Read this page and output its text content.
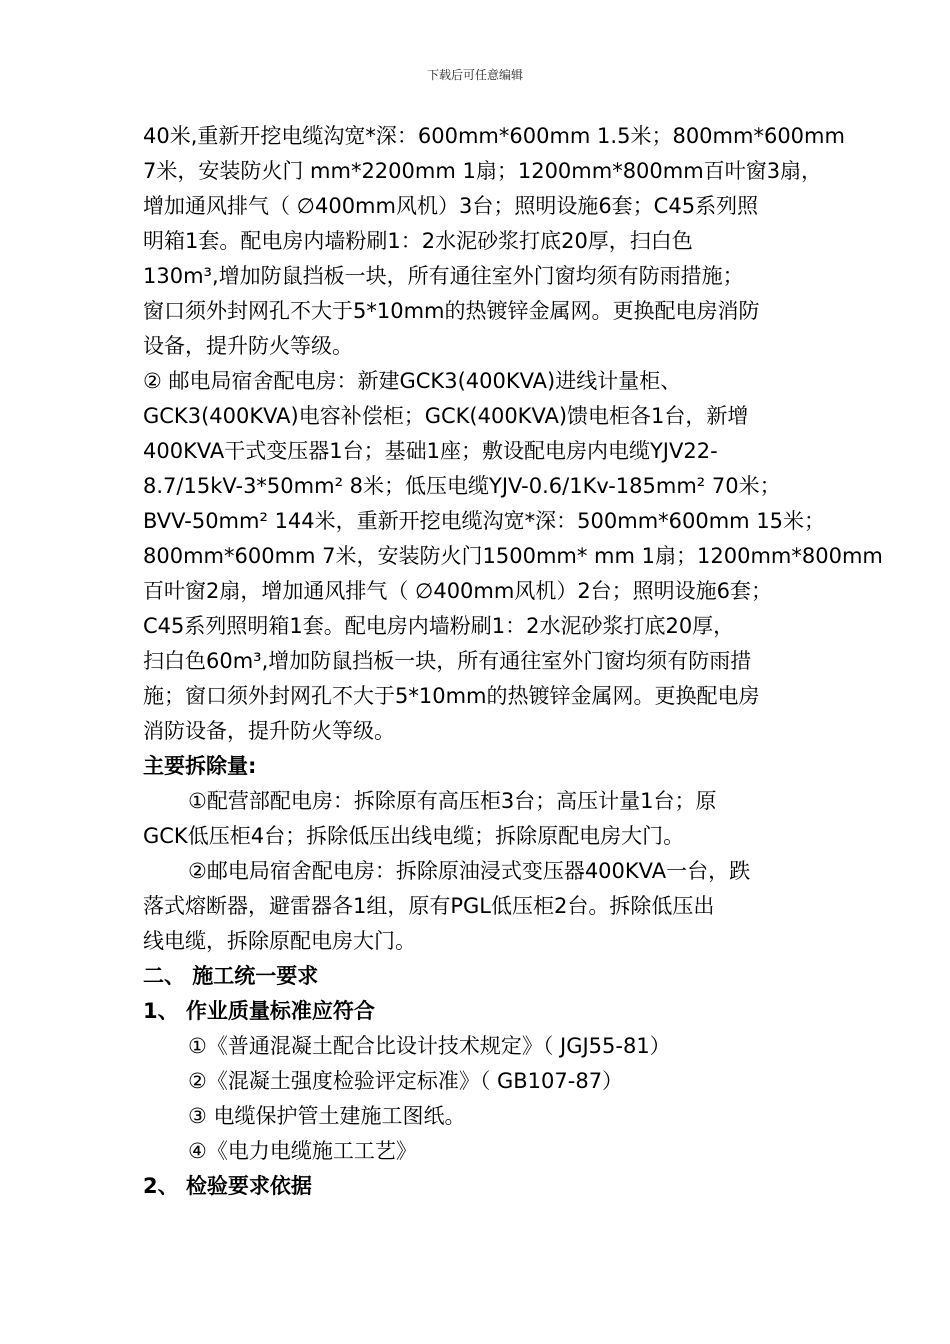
下载后可任意编辑
40米,重新开挖电缆沟宽*深：600mm*600mm 1.5米；800mm*600mm
7米，安装防火门 mm*2200mm 1扇；1200mm*800mm百叶窗3扇，
增加通风排气（ ∅400mm风机）3台；照明设施6套；C45系列照
明箱1套。配电房内墙粉刷1：2水泥砂浆打底20厚，扫白色
130m³,增加防鼠挡板一块，所有通往室外门窗均须有防雨措施；
窗口须外封网孔不大于5*10mm的热镀锌金属网。更换配电房消防
设备，提升防火等级。
② 邮电局宿舍配电房：新建GCK3(400KVA)进线计量柜、
GCK3(400KVA)电容补偿柜；GCK(400KVA)馈电柜各1台，新增
400KVA干式变压器1台；基础1座；敷设配电房内电缆YJV22-
8.7/15kV-3*50mm² 8米；低压电缆YJV-0.6/1Kv-185mm² 70米；
BVV-50mm² 144米，重新开挖电缆沟宽*深：500mm*600mm 15米；
800mm*600mm 7米，安装防火门1500mm* mm 1扇；1200mm*800mm
百叶窗2扇，增加通风排气（ ∅400mm风机）2台；照明设施6套；
C45系列照明箱1套。配电房内墙粉刷1：2水泥砂浆打底20厚，
扫白色60m³,增加防鼠挡板一块，所有通往室外门窗均须有防雨措
施；窗口须外封网孔不大于5*10mm的热镀锌金属网。更换配电房
消防设备，提升防火等级。
主要拆除量:
①配营部配电房：拆除原有高压柜3台；高压计量1台；原
GCK低压柜4台；拆除低压出线电缆；拆除原配电房大门。
②邮电局宿舍配电房：拆除原油浸式变压器400KVA一台，跌
落式熔断器，避雷器各1组，原有PGL低压柜2台。拆除低压出
线电缆，拆除原配电房大门。
二、 施工统一要求
1、 作业质量标准应符合
①《普通混凝土配合比设计技术规定》（ JGJ55-81）
②《混凝土强度检验评定标准》（ GB107-87）
③ 电缆保护管土建施工图纸。
④《电力电缆施工工艺》
2、 检验要求依据
